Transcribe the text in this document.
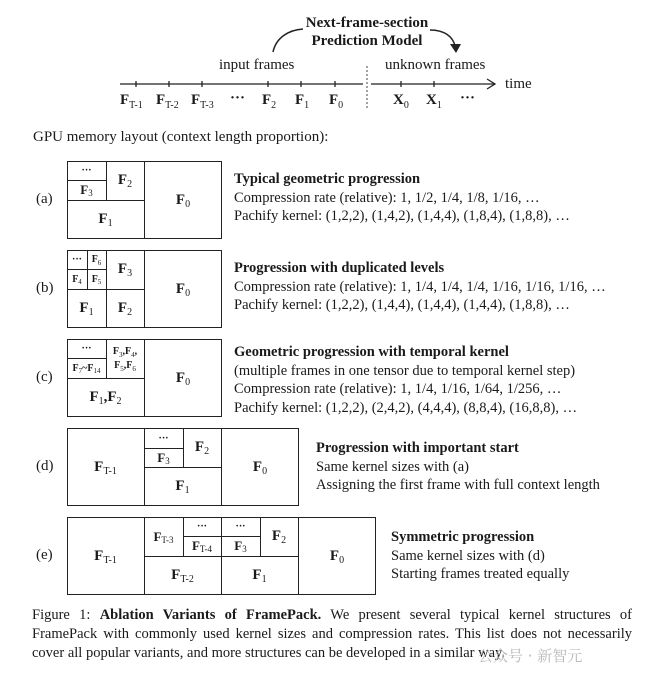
Next-frame-section
Prediction Model
input frames	unknown frames
time
$F_{T-1}$ $F_{T-2}$ $F_{T-3}$ ··· $F_2$ $F_1$ $F_0$	$X_0$ $X_1$ ···
GPU memory layout (context length proportion):
(a)
···
F 3
F 2
F 1
F 0
Typical geometric progression
Compression rate (relative): 1, 1/2, 1/4, 1/8, 1/16, …
Pachify kernel: (1,2,2), (1,4,2), (1,4,4), (1,8,4), (1,8,8), …
(b)
··· F 6
F 4 F 5
F 3
F 1	F 2
F 0
Progression with duplicated levels
Compression rate (relative): 1, 1/4, 1/4, 1/4, 1/16, 1/16, 1/16, …
Pachify kernel: (1,2,2), (1,4,4), (1,4,4), (1,4,4), (1,8,8), …
(c)
···
F 7 ~F 14
$F_3,F_4$,
$F_5,F_6$
F 1 ,F 2
F 0
Geometric progression with temporal kernel
(multiple frames in one tensor due to temporal kernel step)
Compression rate (relative): 1, 1/4, 1/16, 1/64, 1/256, …
Pachify kernel: (1,2,2), (2,4,2), (4,4,4), (8,8,4), (16,8,8), …
(d)	F T-1
···
F 3
F 2
F 1
F 0
Progression with important start
Same kernel sizes with (a)
Assigning the first frame with full context length
(e)	F T-1
F T-3
···
F T-4
···
F 3
F 2
F T-2	F 1
F 0
Symmetric progression
Same kernel sizes with (d)
Starting frames treated equally
Figure 1: Ablation Variants of FramePack. We present several typical kernel structures of FramePack with commonly used kernel sizes and compression rates. This list does not necessarily cover all popular variants, and more structures can be developed in a similar way.
公众号 · 新智元
